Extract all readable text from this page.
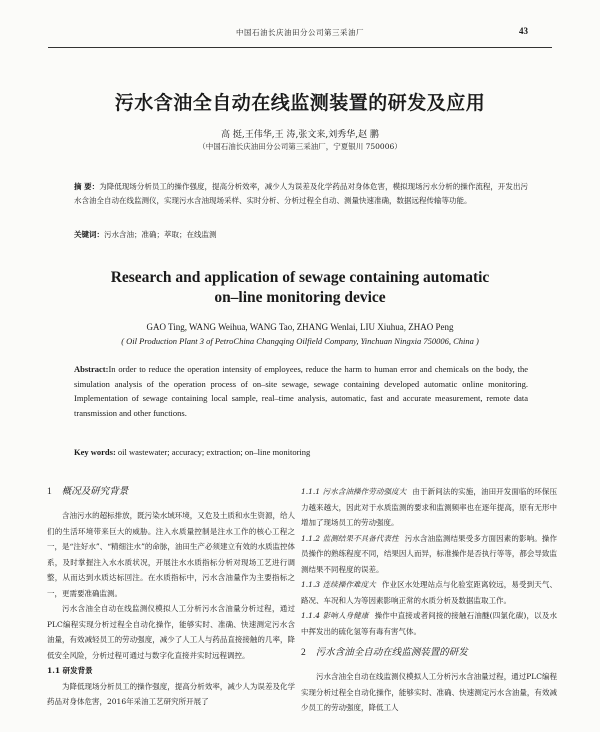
中国石油长庆油田分公司第三采油厂	43
污水含油全自动在线监测装置的研发及应用
高 挺,王伟华,王 涛,张文来,刘秀华,赵 鹏
（中国石油长庆油田分公司第三采油厂，宁夏银川 750006）
摘 要：为降低现场分析员工的操作强度，提高分析效率，减少人为误差及化学药品对身体危害，模拟现场污水分析的操作流程，开发出污水含油全自动在线监测仪，实现污水含油现场采样、实时分析、分析过程全自动、测量快速准确，数据远程传输等功能。
关键词：污水含油；准确；萃取；在线监测
Research and application of sewage containing automatic
on–line monitoring device
GAO Ting, WANG Weihua, WANG Tao, ZHANG Wenlai, LIU Xiuhua, ZHAO Peng
( Oil Production Plant 3 of PetroChina Changqing Oilfield Company, Yinchuan Ningxia 750006, China )
Abstract:In order to reduce the operation intensity of employees, reduce the harm to human error and chemicals on the body, the simulation analysis of the operation process of on–site sewage, sewage containing developed automatic online monitoring. Implementation of sewage containing local sample, real–time analysis, automatic, fast and accurate measurement, remote data transmission and other functions.
Key words: oil wastewater; accuracy; extraction; on–line monitoring
1 概况及研究背景

含油污水的超标排放，既污染水域环境，又危及土质和水生资源，给人们的生活环境带来巨大的威胁。注入水质量控制是注水工作的核心工程之一，是“注好水”、“精细注水”的命脉，油田生产必须建立有效的水质监控体系，及时掌握注入水水质状况，开展注水水质指标分析对现场工艺进行调整，从而达到水质达标回注。在水质指标中，污水含油量作为主要指标之一，更需要准确监测。

污水含油全自动在线监测仪模拟人工分析污水含油量分析过程，通过PLC编程实现分析过程全自动化操作，能够实时、准确、快速测定污水含油量，有效减轻员工的劳动强度，减少了人工人与药品直接接触的几率，降低安全风险，分析过程可通过与数字化直接并实时远程调控。

1.1 研发背景

为降低现场分析员工的操作强度，提高分析效率，减少人为误差及化学药品对身体危害，2016年采油工艺研究所开展了

1.1.1 污水含油操作劳动强度大 由于新间法的实施，油田开发面临的环保压力越来越大，因此对于水质监测的要求和监测频率也在逐年提高，原有无形中增加了现场员工的劳动强度。

1.1.2 监测结果不具备代表性 污水含油监测结果受多方面因素的影响。操作员操作的熟练程度不同，结果因人而异，标准操作是否执行等等，都会导致监测结果不同程度的误差。

1.1.3 连续操作难度大 作业区水处理站点与化验室距离较远，易受到天气、路况、车况和人为等因素影响正常的水质分析及数据监取工作。

1.1.4 影响人身健康 操作中直接或者间接的接触石油醚(四氯化碳)，以及水中挥发出的硫化氢等有毒有害气体。

2 污水含油全自动在线监测装置的研发

污水含油全自动在线监测仪模拟人工分析污水含油量过程，通过PLC编程实现分析过程全自动化操作，能够实时、准确、快速测定污水含油量，有效减少员工的劳动强度，降低工人
